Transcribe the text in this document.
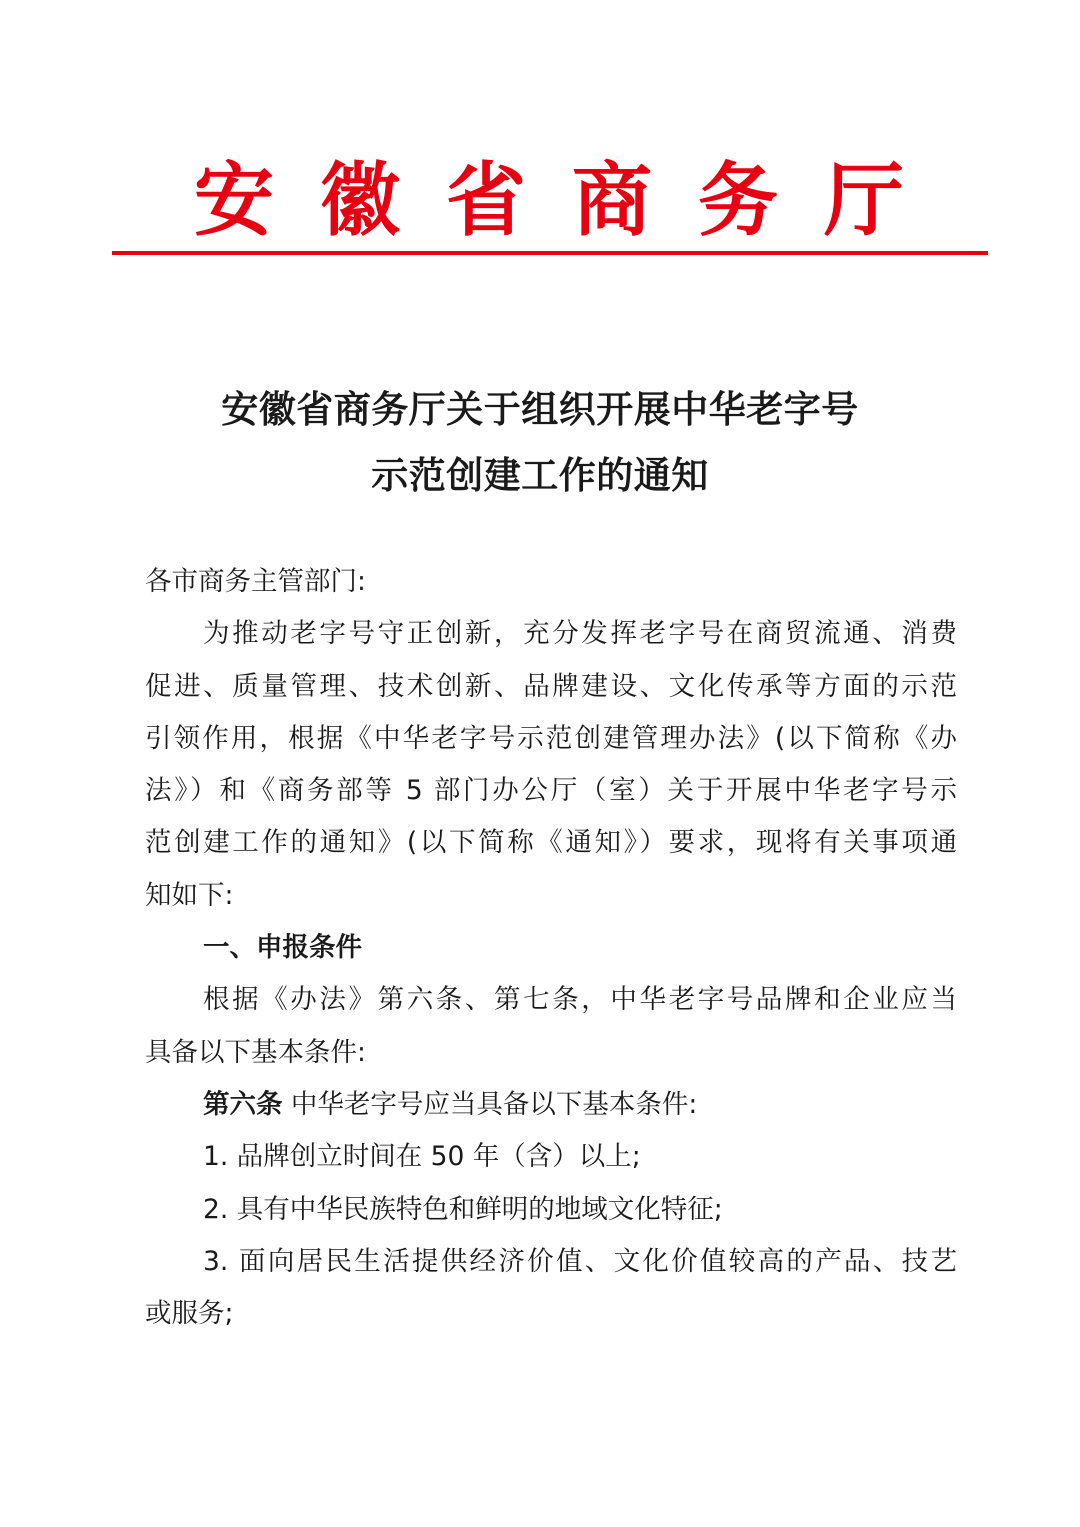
安 徽 省 商 务 厅
安徽省商务厅关于组织开展中华老字号
示范创建工作的通知
各市商务主管部门:
为推动老字号守正创新，充分发挥老字号在商贸流通、消费
促进、质量管理、技术创新、品牌建设、文化传承等方面的示范
引领作用，根据《中华老字号示范创建管理办法》(以下简称《办
法》）和《商务部等 5 部门办公厅（室）关于开展中华老字号示
范创建工作的通知》(以下简称《通知》）要求，现将有关事项通
知如下:
一、申报条件
根据《办法》第六条、第七条，中华老字号品牌和企业应当
具备以下基本条件:
第六条 中华老字号应当具备以下基本条件:
1. 品牌创立时间在 50 年（含）以上;
2. 具有中华民族特色和鲜明的地域文化特征;
3. 面向居民生活提供经济价值、文化价值较高的产品、技艺
或服务;
